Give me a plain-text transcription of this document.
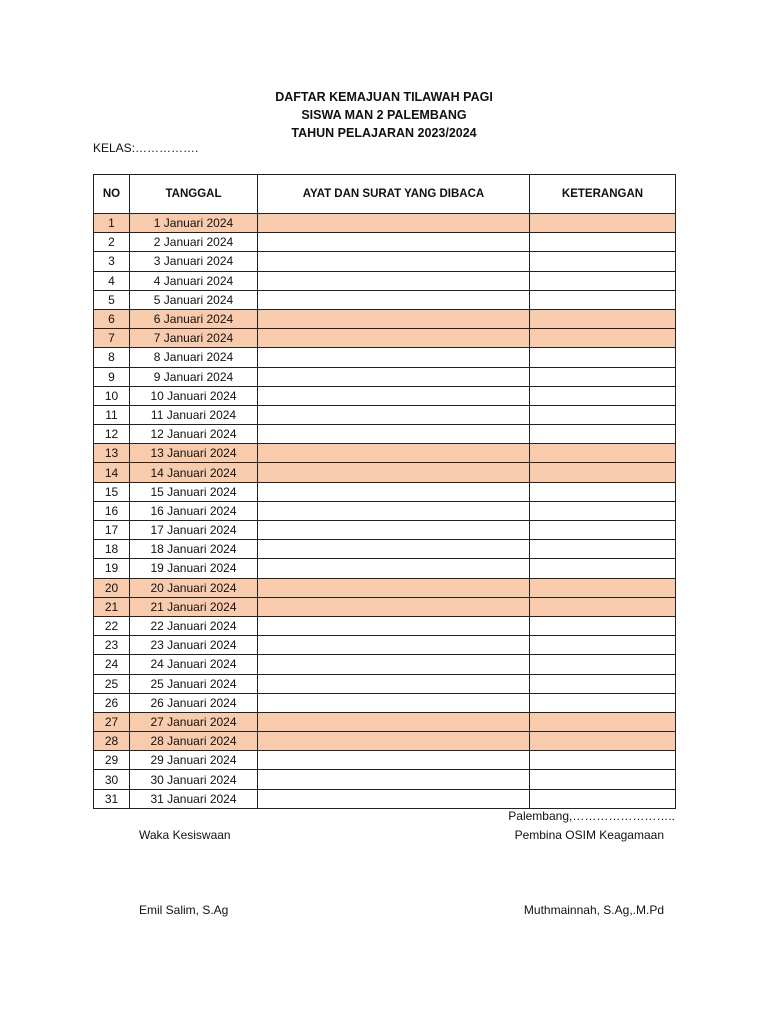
DAFTAR KEMAJUAN TILAWAH PAGI
SISWA MAN 2 PALEMBANG
TAHUN PELAJARAN 2023/2024
KELAS:…………….
NO	TANGGAL	AYAT DAN SURAT YANG DIBACA	KETERANGAN
1	1 Januari 2024		
2	2 Januari 2024		
3	3 Januari 2024		
4	4 Januari 2024		
5	5 Januari 2024		
6	6 Januari 2024		
7	7 Januari 2024		
8	8 Januari 2024		
9	9 Januari 2024		
10	10 Januari 2024		
11	11 Januari 2024		
12	12 Januari 2024		
13	13 Januari 2024		
14	14 Januari 2024		
15	15 Januari 2024		
16	16 Januari 2024		
17	17 Januari 2024		
18	18 Januari 2024		
19	19 Januari 2024		
20	20 Januari 2024		
21	21 Januari 2024		
22	22 Januari 2024		
23	23 Januari 2024		
24	24 Januari 2024		
25	25 Januari 2024		
26	26 Januari 2024		
27	27 Januari 2024		
28	28 Januari 2024		
29	29 Januari 2024		
30	30 Januari 2024		
31	31 Januari 2024		
Palembang,……………………..
Waka Kesiswaan	Pembina OSIM Keagamaan
Emil Salim, S.Ag	Muthmainnah, S.Ag,.M.Pd
